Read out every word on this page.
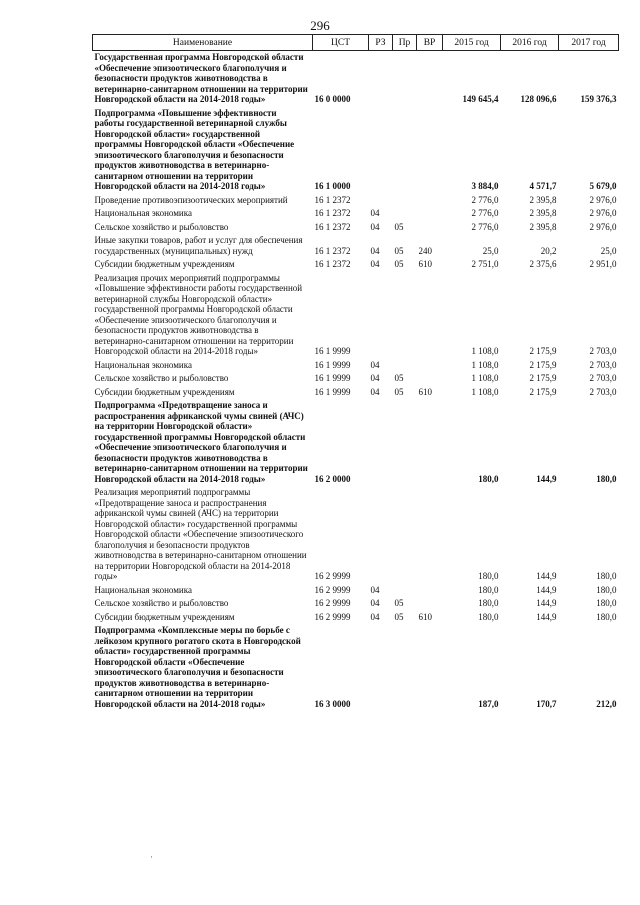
296
Наименование	ЦСТ	РЗ	Пр	ВР	2015 год	2016 год	2017 год
Государственная программа Новгородской области «Обеспечение эпизоотического благополучия и безопасности продуктов животноводства в ветеринарно-санитарном отношении на территории Новгородской области на 2014-2018 годы»	16 0 0000				149 645,4	128 096,6	159 376,3
Подпрограмма «Повышение эффективности работы государственной ветеринарной службы Новгородской области» государственной программы Новгородской области «Обеспечение эпизоотического благополучия и безопасности продуктов животноводства в ветеринарно-санитарном отношении на территории Новгородской области на 2014-2018 годы»	16 1 0000				3 884,0	4 571,7	5 679,0
Проведение противоэпизоотических мероприятий	16 1 2372				2 776,0	2 395,8	2 976,0
Национальная экономика	16 1 2372	04			2 776,0	2 395,8	2 976,0
Сельское хозяйство и рыболовство	16 1 2372	04	05		2 776,0	2 395,8	2 976,0
Иные закупки товаров, работ и услуг для обеспечения государственных (муниципальных) нужд	16 1 2372	04	05	240	25,0	20,2	25,0
Субсидии бюджетным учреждениям	16 1 2372	04	05	610	2 751,0	2 375,6	2 951,0
Реализация прочих мероприятий подпрограммы «Повышение эффективности работы государственной ветеринарной службы Новгородской области» государственной программы Новгородской области «Обеспечение эпизоотического благополучия и безопасности продуктов животноводства в ветеринарно-санитарном отношении на территории Новгородской области на 2014-2018 годы»	16 1 9999				1 108,0	2 175,9	2 703,0
Национальная экономика	16 1 9999	04			1 108,0	2 175,9	2 703,0
Сельское хозяйство и рыболовство	16 1 9999	04	05		1 108,0	2 175,9	2 703,0
Субсидии бюджетным учреждениям	16 1 9999	04	05	610	1 108,0	2 175,9	2 703,0
Подпрограмма «Предотвращение заноса и распространения африканской чумы свиней (АЧС) на территории Новгородской области» государственной программы Новгородской области «Обеспечение эпизоотического благополучия и безопасности продуктов животноводства в ветеринарно-санитарном отношении на территории Новгородской области на 2014-2018 годы»	16 2 0000				180,0	144,9	180,0
Реализация мероприятий подпрограммы «Предотвращение заноса и распространения африканской чумы свиней (АЧС) на территории Новгородской области» государственной программы Новгородской области «Обеспечение эпизоотического благополучия и безопасности продуктов животноводства в ветеринарно-санитарном отношении на территории Новгородской области на 2014-2018 годы»	16 2 9999				180,0	144,9	180,0
Национальная экономика	16 2 9999	04			180,0	144,9	180,0
Сельское хозяйство и рыболовство	16 2 9999	04	05		180,0	144,9	180,0
Субсидии бюджетным учреждениям	16 2 9999	04	05	610	180,0	144,9	180,0
Подпрограмма «Комплексные меры по борьбе с лейкозом крупного рогатого скота в Новгородской области» государственной программы Новгородской области «Обеспечение эпизоотического благополучия и безопасности продуктов животноводства в ветеринарно-санитарном отношении на территории Новгородской области на 2014-2018 годы»	16 3 0000				187,0	170,7	212,0
·
